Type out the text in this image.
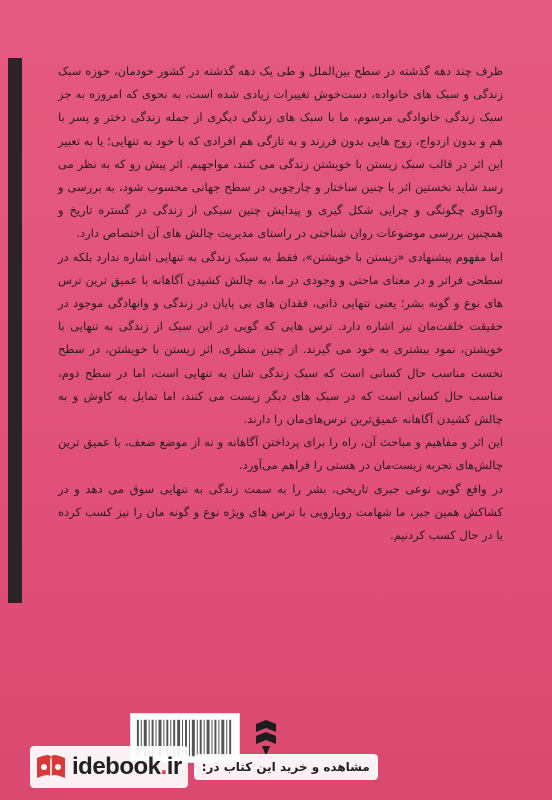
ظرف چند دهه گذشته در سطح بین‌الملل و طی یک دهه گذشته در کشور خودمان، حوزه سبک زندگی و سبک های خانواده، دست‌خوش تغییرات زیادی شده است، به نحوی که امروزه به جز سبک زندگی خانوادگی مرسوم، ما با سبک های زندگی دیگری از جمله زندگی دختر و پسر با هم و بدون ازدواج، زوج هایی بدون فرزند و به تازگی هم افرادی که با خود به تنهایی؛ یا به تعبیر این اثر در قالب سبک زیستن با خویشتن زندگی می کنند، مواجهیم. اثر پیش رو که به نظر می رسد شاید نخستین اثر با چنین ساختار و چارچوبی در سطح جهانی محسوب شود، به بررسی و واکاوی چگونگی و چرایی شکل گیری و پیدایش چنین سبکی از زندگی در گستره تاریخ و همچنین بررسی موضوعات روان شناختی در راستای مدیریت چالش های آن اختصاص دارد.

اما مفهوم پیشنهادی «زیستن با خویشتن»، فقط به سبک زندگی به تنهایی اشاره ندارد بلکه در سطحی فراتر و در معنای ماحتی و وجودی در ما، به چالش کشیدن آگاهانه با عمیق ترین ترس های نوع و گونه بشر؛ یعنی تنهایی ذاتی، فقدان های بی پایان در زندگی و وانهادگی موجود در حقیقت خلقت‌مان نیز اشاره دارد. ترس هایی که گویی در این سبک از زندگی به تنهایی با خویشتن، نمود بیشتری به خود می گیرند. از چنین منظری، اثر زیستن با خویشتن، در سطح نخست مناسب حال کسانی است که سبک زندگی شان به تنهایی است، اما در سطح دوم، مناسب حال کسانی است که در سبک های دیگر زیست می کنند، اما تمایل به کاوش و به چالش کشیدن آگاهانه عمیق‌ترین ترس‌های‌مان را دارند.

این اثر و مفاهیم و مباحث آن، راه را برای پرداختن آگاهانه و نه از موضع ضعف، با عمیق ترین چالش‌های تجربه زیست‌مان در هستی را فراهم می‌آورد.

در واقع گویی نوعی جبری تاریخی، بشر را به سمت زندگی به تنهایی سوق می دهد و در کشاکش همین جبر، ما شهامت رویارویی با ترس های ویژه نوع و گونه مان را نیز کسب کرده یا در حال کسب کردنیم.

idebook.ir	مشاهده و خرید این کتاب در:
